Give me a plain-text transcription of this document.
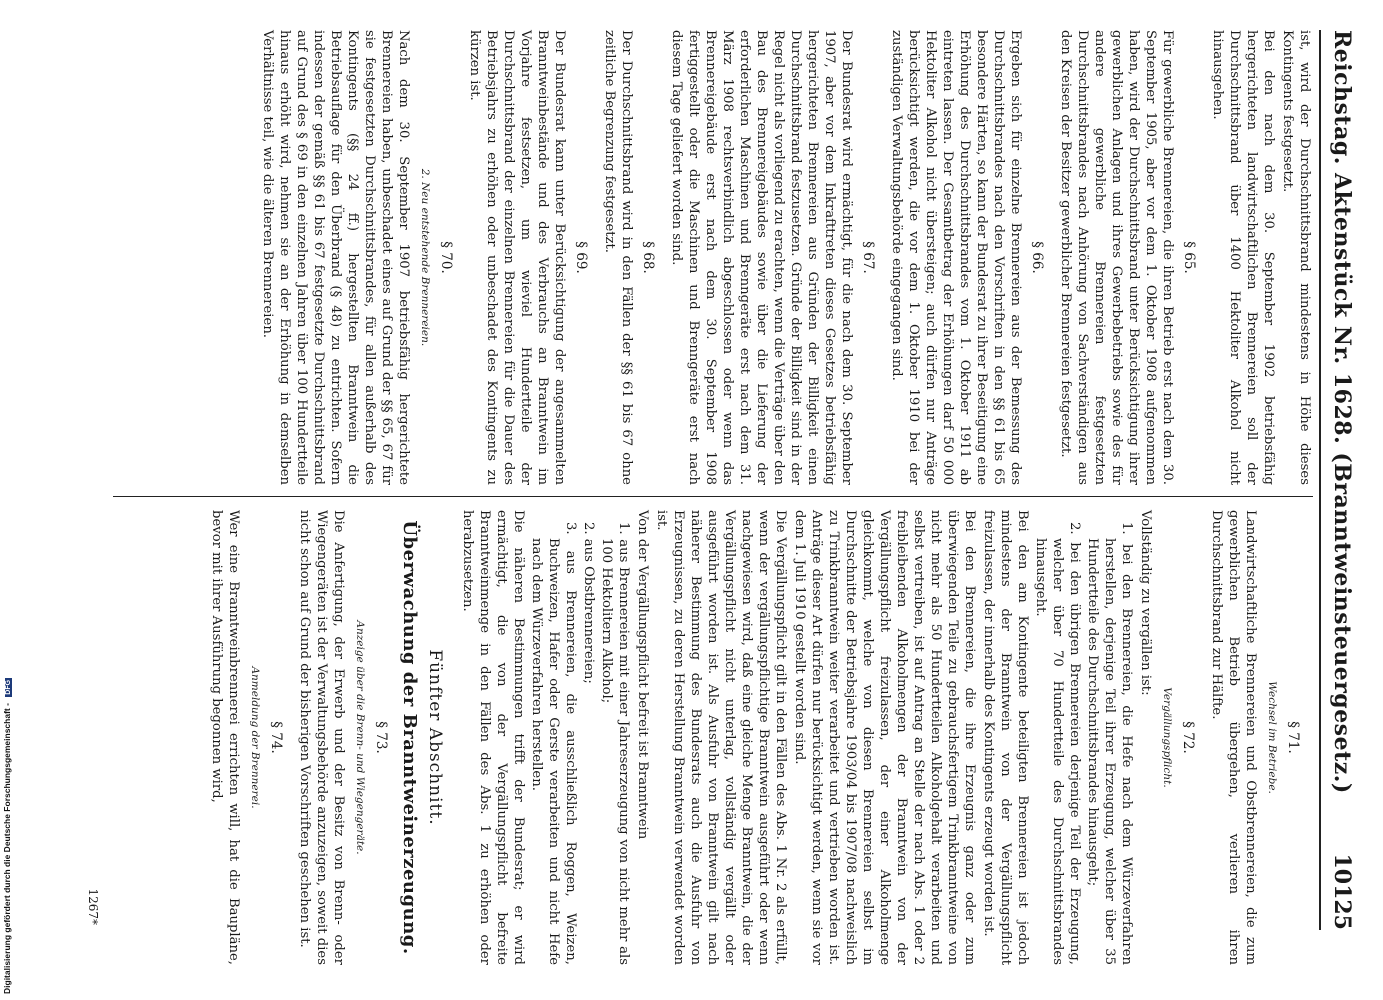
Reichstag. Aktenstück Nr. 1628. (Branntweinsteuergesetz.)
10125
ist, wird der Durchschnittsbrand mindestens in Höhe dieses Kontingents festgesetzt.
Bei den nach dem 30. September 1902 betriebsfähig hergerichteten landwirtschaftlichen Brennereien soll der Durchschnittsbrand über 1400 Hektoliter Alkohol nicht hinausgehen.
§ 65.
Für gewerbliche Brennereien, die ihren Betrieb erst nach dem 30. September 1905, aber vor dem 1. Oktober 1908 aufgenommen haben, wird der Durchschnittsbrand unter Berücksichtigung ihrer gewerblichen Anlagen und ihres Gewerbebetriebs sowie des für andere gewerbliche Brennereien festgesetzten Durchschnittsbrandes nach Anhörung von Sachverständigen aus den Kreisen der Besitzer gewerblicher Brennereien festgesetzt.
§ 66.
Ergeben sich für einzelne Brennereien aus der Bemessung des Durchschnittsbrandes nach den Vorschriften in den §§ 61 bis 65 besondere Härten, so kann der Bundesrat zu ihrer Beseitigung eine Erhöhung des Durchschnittsbrandes vom 1. Oktober 1911 ab eintreten lassen. Der Gesamtbetrag der Erhöhungen darf 50 000 Hektoliter Alkohol nicht übersteigen; auch dürfen nur Anträge berücksichtigt werden, die vor dem 1. Oktober 1910 bei der zuständigen Verwaltungsbehörde eingegangen sind.
§ 67.
Der Bundesrat wird ermächtigt, für die nach dem 30. September 1907, aber vor dem Inkrafttreten dieses Gesetzes betriebsfähig hergerichteten Brennereien aus Gründen der Billigkeit einen Durchschnittsbrand festzusetzen. Gründe der Billigkeit sind in der Regel nicht als vorliegend zu erachten, wenn die Verträge über den Bau des Brennereigebäudes sowie über die Lieferung der erforderlichen Maschinen und Brenngeräte erst nach dem 31. März 1908 rechtsverbindlich abgeschlossen oder wenn das Brennereigebäude erst nach dem 30. September 1908 fertiggestellt oder die Maschinen und Brenngeräte erst nach diesem Tage geliefert worden sind.
§ 68.
Der Durchschnittsbrand wird in den Fällen der §§ 61 bis 67 ohne zeitliche Begrenzung festgesetzt.
§ 69.
Der Bundesrat kann unter Berücksichtigung der angesammelten Branntweinbestände und des Verbrauchs an Branntwein im Vorjahre festsetzen, um wieviel Hundertteile der Durchschnittsbrand der einzelnen Brennereien für die Dauer des Betriebsjahrs zu erhöhen oder unbeschadet des Kontingents zu kürzen ist.
§ 70.
2. Neu entstehende Brennereien.
Nach dem 30. September 1907 betriebsfähig hergerichtete Brennereien haben, unbeschadet eines auf Grund der §§ 65, 67 für sie festgesetzten Durchschnittsbrandes, für allen außerhalb des Kontingents (§§ 24 ff.) hergestellten Branntwein die Betriebsauflage für den Überbrand (§ 48) zu entrichten. Sofern indessen der gemäß §§ 61 bis 67 festgesetzte Durchschnittsbrand auf Grund des § 69 in den einzelnen Jahren über 100 Hundertteile hinaus erhöht wird, nehmen sie an der Erhöhung in demselben Verhältnisse teil, wie die älteren Brennereien.
§ 71.
Wechsel im Betriebe.
Landwirtschaftliche Brennereien und Obstbrennereien, die zum gewerblichen Betrieb übergehen, verlieren ihren Durchschnittsbrand zur Hälfte.
§ 72.
Vergällungspflicht.
Vollständig zu vergällen ist:
1. bei den Brennereien, die Hefe nach dem Würzeverfahren herstellen, derjenige Teil ihrer Erzeugung, welcher über 35 Hundertteile des Durchschnittsbrandes hinausgeht;
2. bei den übrigen Brennereien derjenige Teil der Erzeugung, welcher über 70 Hundertteile des Durchschnittsbrandes hinausgeht.
Bei den am Kontingente beteiligten Brennereien ist jedoch mindestens der Branntwein von der Vergällungspflicht freizulassen, der innerhalb des Kontingents erzeugt worden ist.
Bei den Brennereien, die ihre Erzeugnis ganz oder zum überwiegenden Teile zu gebrauchsfertigem Trinkbranntweine von nicht mehr als 50 Hundertteilen Alkoholgehalt verarbeiten und selbst vertreiben, ist auf Antrag an Stelle der nach Abs. 1 oder 2 freibleibenden Alkoholmengen der Branntwein von der Vergällungspflicht freizulassen, der einer Alkoholmenge gleichkommt, welche von diesen Brennereien selbst im Durchschnitte der Betriebsjahre 1903/04 bis 1907/08 nachweislich zu Trinkbranntwein weiter verarbeitet und vertrieben worden ist. Anträge dieser Art dürfen nur berücksichtigt werden, wenn sie vor dem 1. Juli 1910 gestellt worden sind.
Die Vergällungspflicht gilt in den Fällen des Abs. 1 Nr. 2 als erfüllt, wenn der vergällungspflichtige Branntwein ausgeführt oder wenn nachgewiesen wird, daß eine gleiche Menge Branntwein, die der Vergällungspflicht nicht unterlag, vollständig vergällt oder ausgeführt worden ist. Als Ausfuhr von Branntwein gilt nach näherer Bestimmung des Bundesrats auch die Ausfuhr von Erzeugnissen, zu deren Herstellung Branntwein verwendet worden ist.
Von der Vergällungspflicht befreit ist Branntwein
1. aus Brennereien mit einer Jahreserzeugung von nicht mehr als 100 Hektolitern Alkohol;
2. aus Obstbrennereien;
3. aus Brennereien, die ausschließlich Roggen, Weizen, Buchweizen, Hafer oder Gerste verarbeiten und nicht Hefe nach dem Würzeverfahren herstellen.
Die näheren Bestimmungen trifft der Bundesrat; er wird ermächtigt, die von der Vergällungspflicht befreite Branntweinmenge in den Fällen des Abs. 1 zu erhöhen oder herabzusetzen.
Fünfter Abschnitt.
Überwachung der Branntweinerzeugung.
§ 73.
Anzeige über die Brenn- und Wiegengeräte.
Die Anfertigung, der Erwerb und der Besitz von Brenn- oder Wiegengeräten ist der Verwaltungsbehörde anzuzeigen, soweit dies nicht schon auf Grund der bisherigen Vorschriften geschehen ist.
§ 74.
Anmeldung der Brennerei.
Wer eine Branntweinbrennerei errichten will, hat die Baupläne, bevor mit ihrer Ausführung begonnen wird,
1267*
Digitalisierung gefördert durch die Deutsche Forschungsgemeinschaft - DFG
